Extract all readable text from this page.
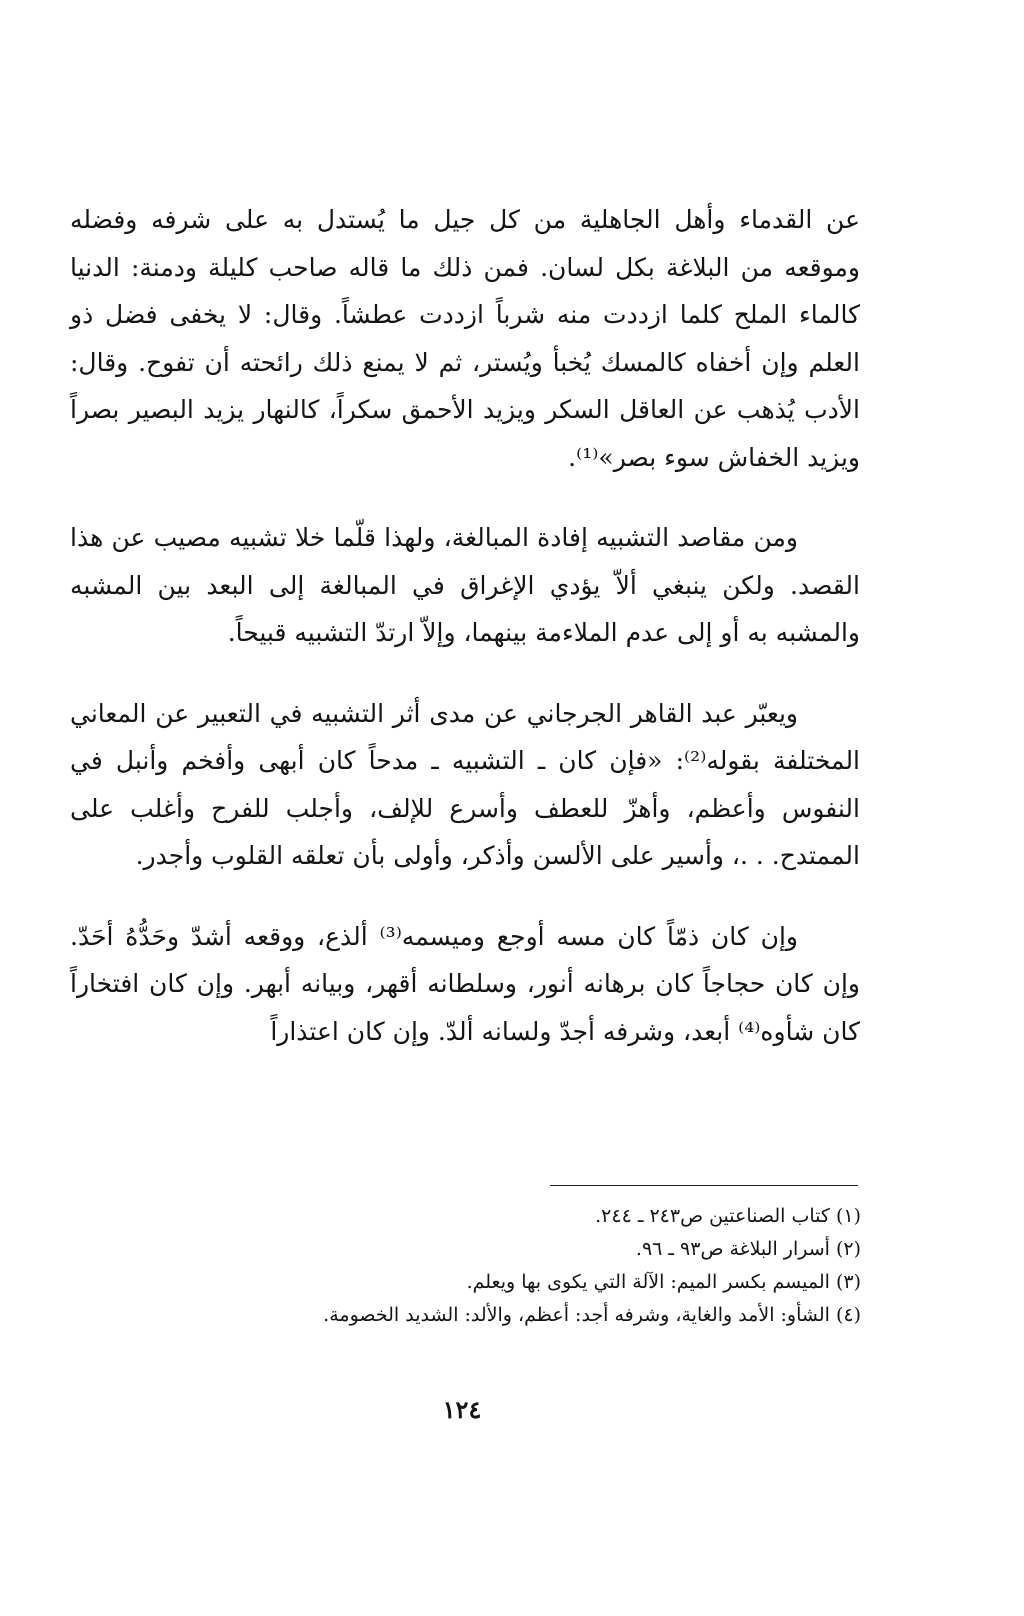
عن القدماء وأهل الجاهلية من كل جيل ما يُستدل به على شرفه وفضله وموقعه من البلاغة بكل لسان. فمن ذلك ما قاله صاحب كليلة ودمنة: الدنيا كالماء الملح كلما ازددت منه شرباً ازددت عطشاً. وقال: لا يخفى فضل ذو العلم وإن أخفاه كالمسك يُخبأ ويُستر، ثم لا يمنع ذلك رائحته أن تفوح. وقال: الأدب يُذهب عن العاقل السكر ويزيد الأحمق سكراً، كالنهار يزيد البصير بصراً ويزيد الخفاش سوء بصر»⁽¹⁾.

ومن مقاصد التشبيه إفادة المبالغة، ولهذا قلّما خلا تشبيه مصيب عن هذا القصد. ولكن ينبغي ألاّ يؤدي الإغراق في المبالغة إلى البعد بين المشبه والمشبه به أو إلى عدم الملاءمة بينهما، وإلاّ ارتدّ التشبيه قبيحاً.

ويعبّر عبد القاهر الجرجاني عن مدى أثر التشبيه في التعبير عن المعاني المختلفة بقوله⁽²⁾: «فإن كان ـ التشبيه ـ مدحاً كان أبهى وأفخم وأنبل في النفوس وأعظم، وأهزّ للعطف وأسرع للإلف، وأجلب للفرح وأغلب على الممتدح. . .، وأسير على الألسن وأذكر، وأولى بأن تعلقه القلوب وأجدر.

وإن كان ذمّاً كان مسه أوجع وميسمه⁽³⁾ ألذع، ووقعه أشدّ وحَدُّهُ أحَدّ. وإن كان حجاجاً كان برهانه أنور، وسلطانه أقهر، وبيانه أبهر. وإن كان افتخاراً كان شأوه⁽⁴⁾ أبعد، وشرفه أجدّ ولسانه ألدّ. وإن كان اعتذاراً

(١) كتاب الصناعتين ص٢٤٣ ـ ٢٤٤.

(٢) أسرار البلاغة ص٩٣ ـ ٩٦.

(٣) الميسم بكسر الميم: الآلة التي يكوى بها ويعلم.

(٤) الشأو: الأمد والغاية، وشرفه أجد: أعظم، والألد: الشديد الخصومة.

١٢٤
